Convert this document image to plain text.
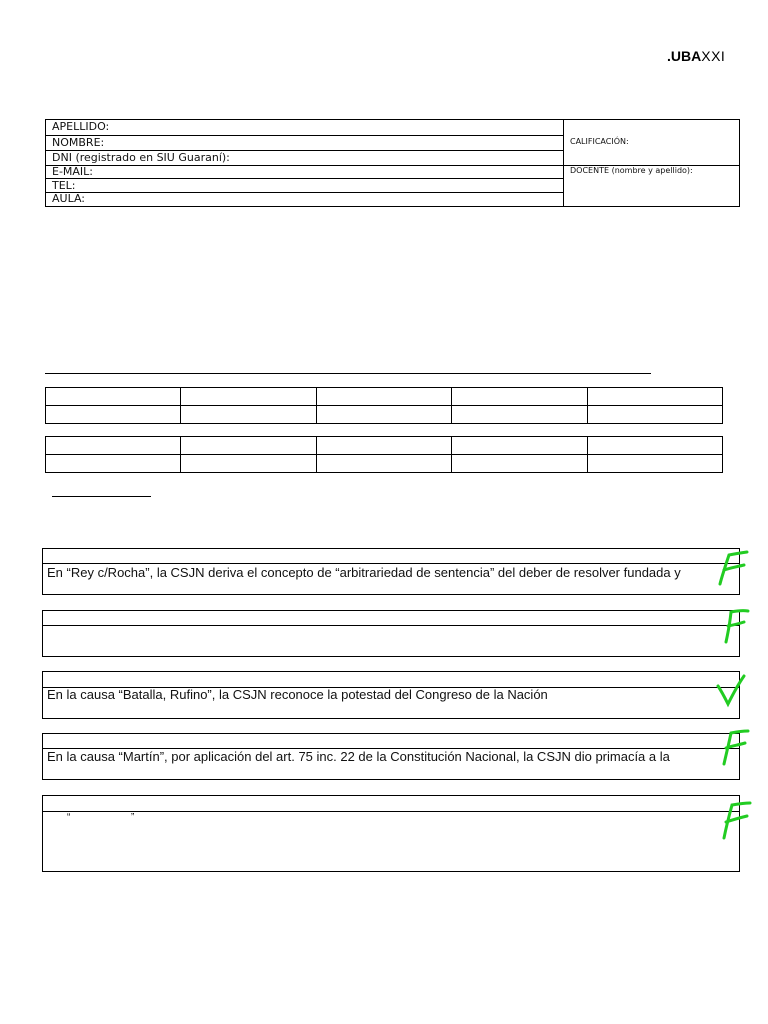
.UBAXXI
APELLIDO:
NOMBRE:
DNI (registrado en SIU Guaraní):
E-MAIL:
TEL:
AULA:
CALIFICACIÓN:
DOCENTE (nombre y apellido):

En “Rey c/Rocha”, la CSJN deriva el concepto de “arbitrariedad de sentencia” del deber de resolver fundada y
En la causa “Batalla, Rufino”, la CSJN reconoce la potestad del Congreso de la Nación
En la causa “Martín”, por aplicación del art. 75 inc. 22 de la Constitución Nacional, la CSJN dio primacía a la
“	”
